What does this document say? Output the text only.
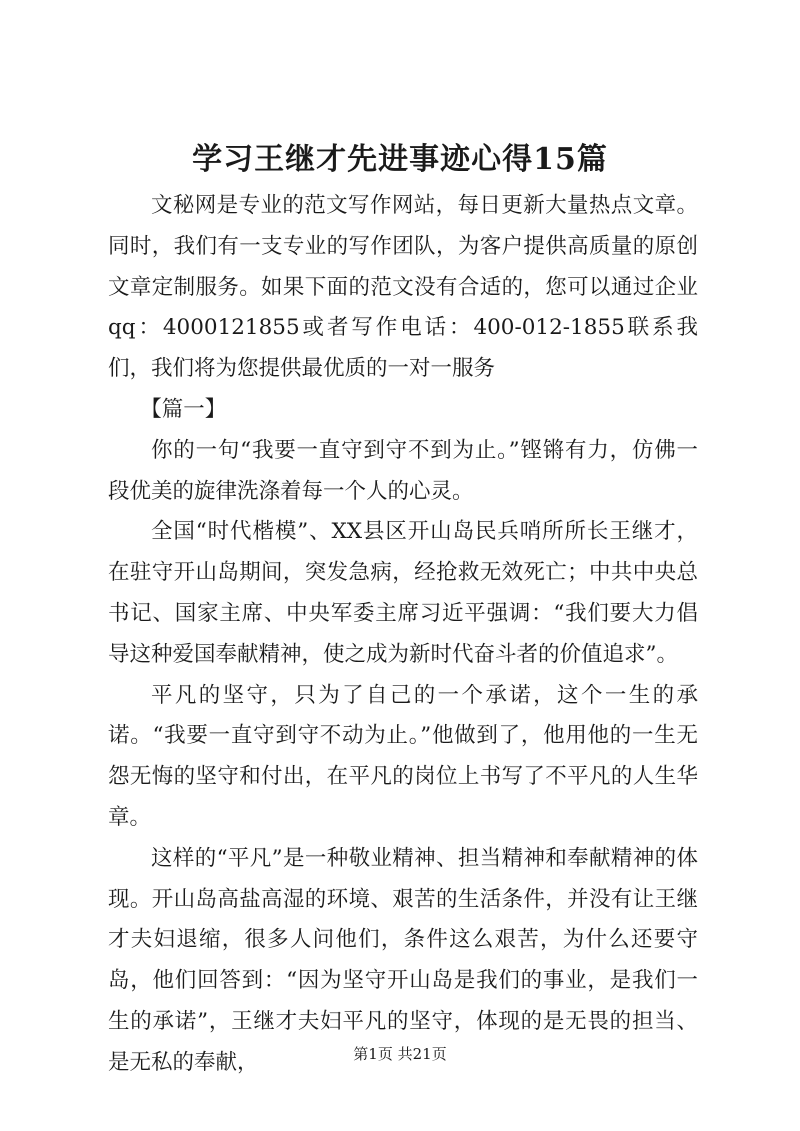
学习王继才先进事迹心得15篇

文秘网是专业的范文写作网站，每日更新大量热点文章。同时，我们有一支专业的写作团队，为客户提供高质量的原创文章定制服务。如果下面的范文没有合适的，您可以通过企业qq：4000121855或者写作电话：400-012-1855联系我们，我们将为您提供最优质的一对一服务

【篇一】

你的一句“我要一直守到守不到为止。”铿锵有力，仿佛一段优美的旋律洗涤着每一个人的心灵。

全国“时代楷模”、XX县区开山岛民兵哨所所长王继才，在驻守开山岛期间，突发急病，经抢救无效死亡；中共中央总书记、国家主席、中央军委主席习近平强调：“我们要大力倡导这种爱国奉献精神，使之成为新时代奋斗者的价值追求”。

平凡的坚守，只为了自己的一个承诺，这个一生的承诺。“我要一直守到守不动为止。”他做到了，他用他的一生无怨无悔的坚守和付出，在平凡的岗位上书写了不平凡的人生华章。

这样的“平凡”是一种敬业精神、担当精神和奉献精神的体现。开山岛高盐高湿的环境、艰苦的生活条件，并没有让王继才夫妇退缩，很多人问他们，条件这么艰苦，为什么还要守岛，他们回答到：“因为坚守开山岛是我们的事业，是我们一生的承诺”，王继才夫妇平凡的坚守，体现的是无畏的担当、是无私的奉献，	第1页 共21页
